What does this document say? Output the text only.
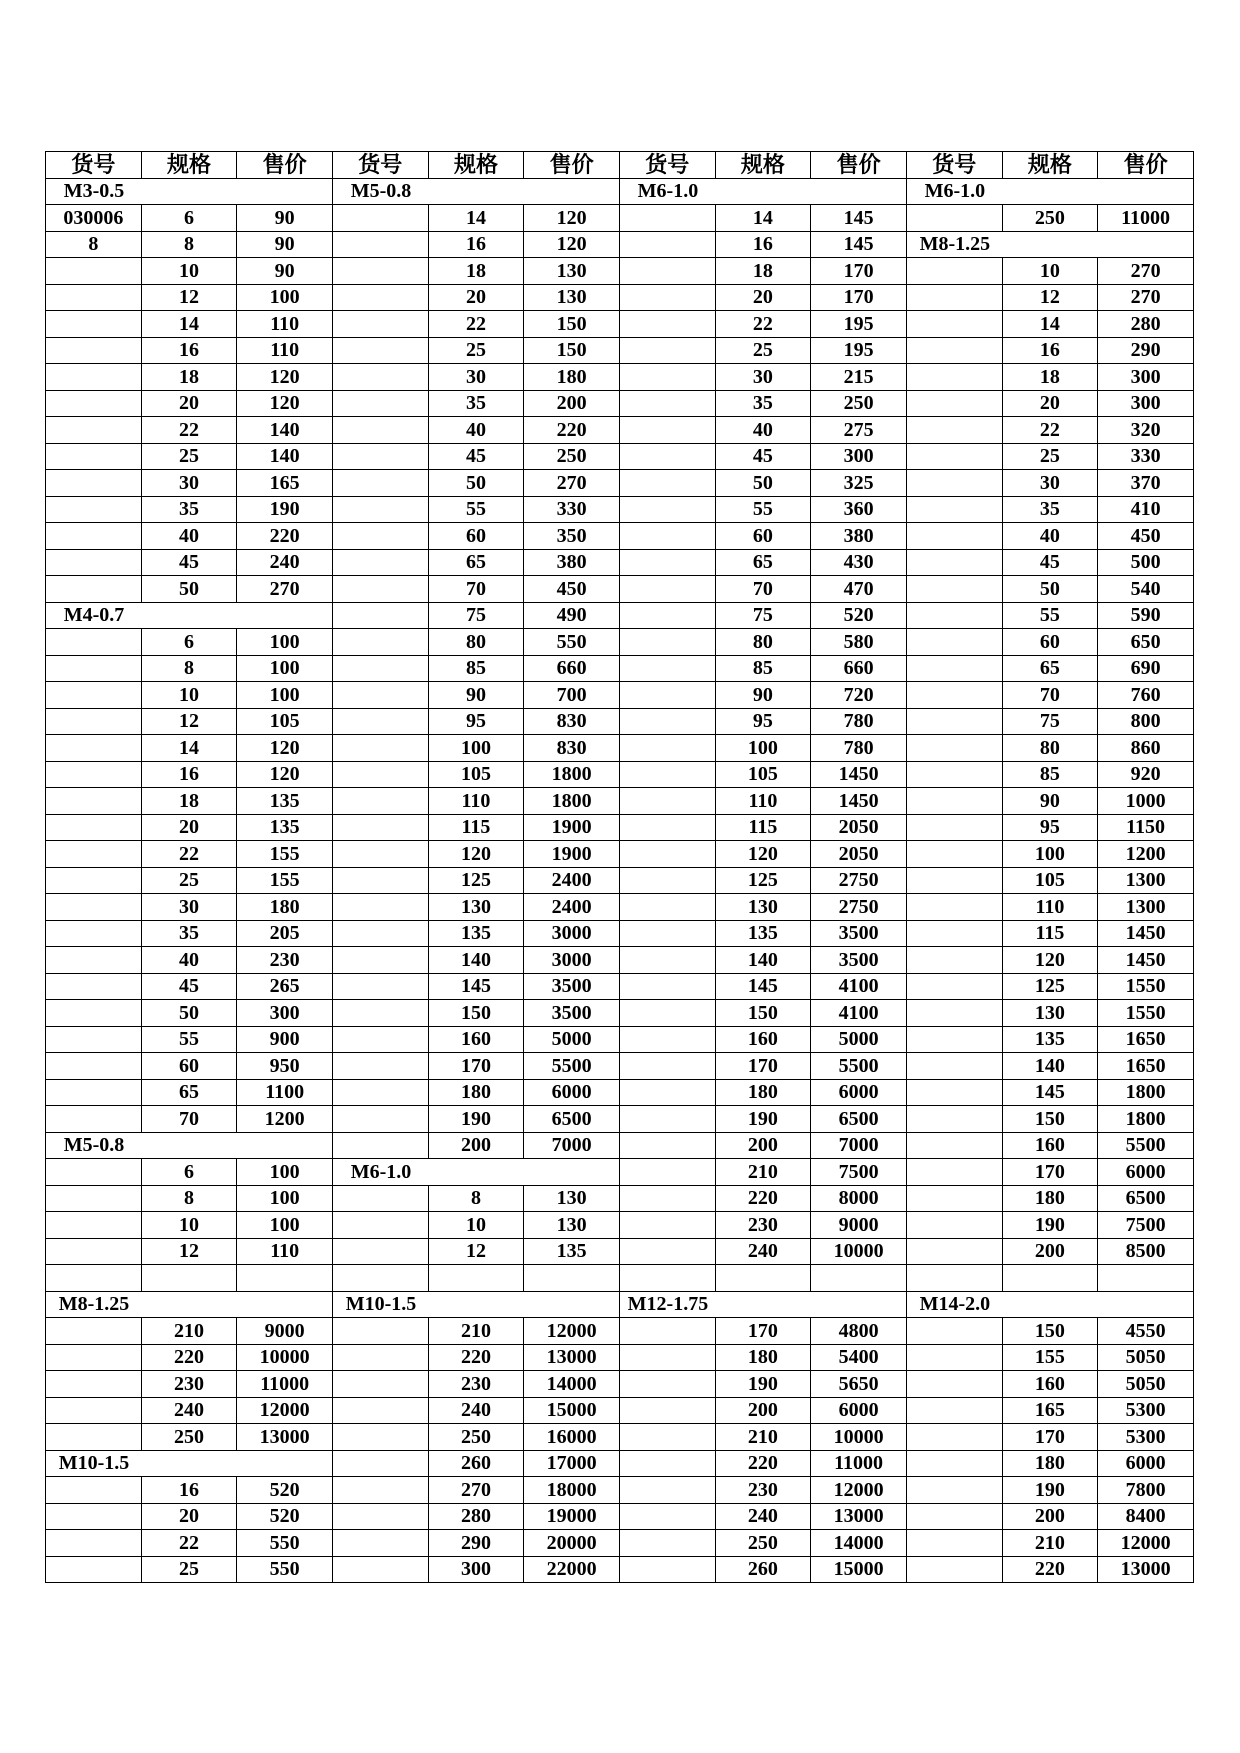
货号	规格	售价	货号	规格	售价	货号	规格	售价	货号	规格	售价
M3-0.5			M5-0.8			M6-1.0			M6-1.0		
030006	6	90		14	120		14	145		250	11000
8	8	90		16	120		16	145	M8-1.25		
	10	90		18	130		18	170		10	270
	12	100		20	130		20	170		12	270
	14	110		22	150		22	195		14	280
	16	110		25	150		25	195		16	290
	18	120		30	180		30	215		18	300
	20	120		35	200		35	250		20	300
	22	140		40	220		40	275		22	320
	25	140		45	250		45	300		25	330
	30	165		50	270		50	325		30	370
	35	190		55	330		55	360		35	410
	40	220		60	350		60	380		40	450
	45	240		65	380		65	430		45	500
	50	270		70	450		70	470		50	540
M4-0.7				75	490		75	520		55	590
	6	100		80	550		80	580		60	650
	8	100		85	660		85	660		65	690
	10	100		90	700		90	720		70	760
	12	105		95	830		95	780		75	800
	14	120		100	830		100	780		80	860
	16	120		105	1800		105	1450		85	920
	18	135		110	1800		110	1450		90	1000
	20	135		115	1900		115	2050		95	1150
	22	155		120	1900		120	2050		100	1200
	25	155		125	2400		125	2750		105	1300
	30	180		130	2400		130	2750		110	1300
	35	205		135	3000		135	3500		115	1450
	40	230		140	3000		140	3500		120	1450
	45	265		145	3500		145	4100		125	1550
	50	300		150	3500		150	4100		130	1550
	55	900		160	5000		160	5000		135	1650
	60	950		170	5500		170	5500		140	1650
	65	1100		180	6000		180	6000		145	1800
	70	1200		190	6500		190	6500		150	1800
M5-0.8				200	7000		200	7000		160	5500
	6	100	M6-1.0				210	7500		170	6000
	8	100		8	130		220	8000		180	6500
	10	100		10	130		230	9000		190	7500
	12	110		12	135		240	10000		200	8500

M8-1.25			M10-1.5			M12-1.75			M14-2.0		
	210	9000		210	12000		170	4800		150	4550
	220	10000		220	13000		180	5400		155	5050
	230	11000		230	14000		190	5650		160	5050
	240	12000		240	15000		200	6000		165	5300
	250	13000		250	16000		210	10000		170	5300
M10-1.5				260	17000		220	11000		180	6000
	16	520		270	18000		230	12000		190	7800
	20	520		280	19000		240	13000		200	8400
	22	550		290	20000		250	14000		210	12000
	25	550		300	22000		260	15000		220	13000
